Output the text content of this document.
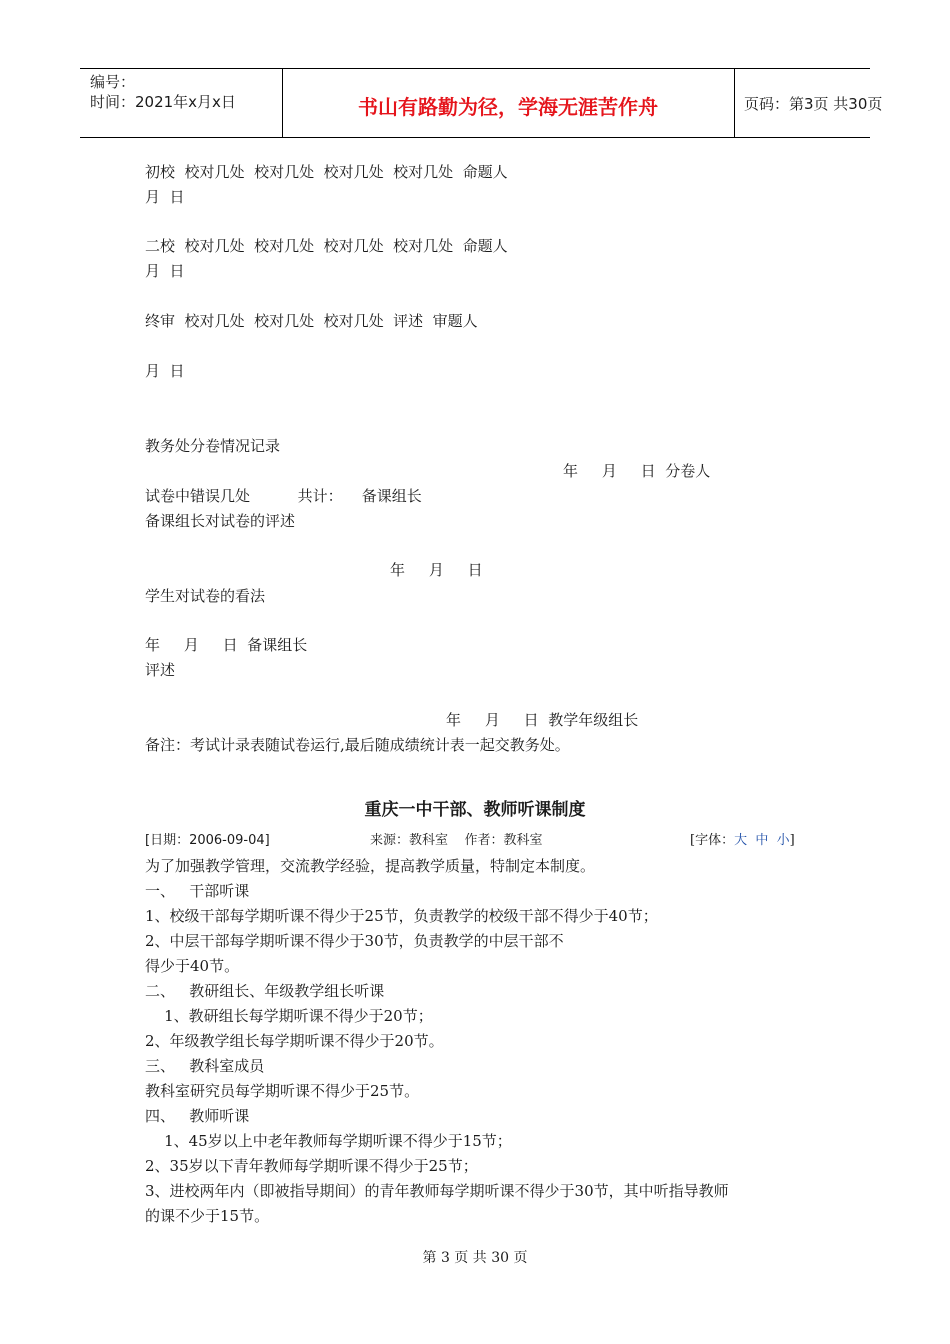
编号：
时间：2021年x月x日	书山有路勤为径，学海无涯苦作舟	页码：第3页 共30页
初校  校对几处  校对几处  校对几处  校对几处  命题人
月  日
二校  校对几处  校对几处  校对几处  校对几处  命题人
月  日
终审  校对几处  校对几处  校对几处  评述  审题人
月  日
教务处分卷情况记录
年     月     日  分卷人
试卷中错误几处          共计：    备课组长
备课组长对试卷的评述
年     月     日
学生对试卷的看法
年     月     日  备课组长
评述
年     月     日  教学年级组长
备注：考试计录表随试卷运行,最后随成绩统计表一起交教务处。
重庆一中干部、教师听课制度
[日期：2006-09-04]	来源：教科室    作者：教科室	[字体：大 中 小]
为了加强教学管理，交流教学经验，提高教学质量，特制定本制度。
一、   干部听课
1、校级干部每学期听课不得少于25节，负责教学的校级干部不得少于40节；
2、中层干部每学期听课不得少于30节，负责教学的中层干部不
得少于40节。
二、   教研组长、年级教学组长听课
1、教研组长每学期听课不得少于20节；
2、年级教学组长每学期听课不得少于20节。
三、   教科室成员
教科室研究员每学期听课不得少于25节。
四、   教师听课
1、45岁以上中老年教师每学期听课不得少于15节；
2、35岁以下青年教师每学期听课不得少于25节；
3、进校两年内（即被指导期间）的青年教师每学期听课不得少于30节，其中听指导教师
的课不少于15节。
第 3 页 共 30 页
